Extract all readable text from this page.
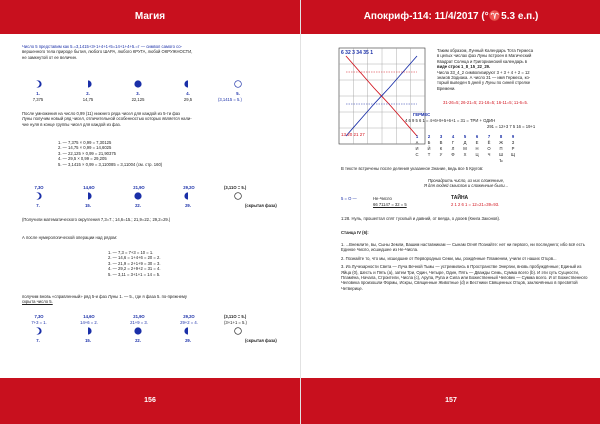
Магия
Число 5 представим как 5.=3,1415+3+1+4+1+5=14+1+4+5.=т — символ самого со-
вершенного тела природе бытия, любого ШАРА, любого КРУГА, любой ОКРУЖНОСТИ,
не замкнутой от ее величин.
1.	2.	3.	4.	5.
7,375	14,75	22,125	29,5	(3,1415 = 5.)
После умножения на число 0,99 (11) нижнего ряда чисел для каждой из 5-ти фаз
Луны получим новый ряд чисел, отличительной особенностью которых является нали-
чие нуля в конце группы чисел для каждой из фаз.
1. — 7,375 × 0,99 = 7,30125
2. — 14,75 × 0,99 = 14,6025
3. — 22,125 × 0,99 = 21,90375
4. — 29,5 × 0,99 = 29,205
5. — 3,1415 × 0,99 = 3,110085 = 3,11004 (см. стр. 160)
7,3О	14,6О	21,9О	29,2О	(3,11О = 5.)
7.	15.	22.	29.	(скрытая фаза)
(Получили математического округления 7,3=7.; 14,6=15.; 21,9=22.; 29,2=29.)
А после нумерологической операции над рядом:
1. — 7,3 = 7+3 = 10 = 1.
2. — 14,6 = 1+4+6 = 20 = 2.
3. — 21,9 = 2+1+9 = 30 = 3.
4. — 29,2 = 2+9+2 = 31 = 4.
5. — 3,11 = 3+1+1 = 14 = 5.
получим вновь «справленный» ряд 5-и фаз Луны 1. — 5., где я фаза 5. по-прежнему
скрыта число 5.
7,3О	14,6О	21,9О	29,2О	(3,11О = 5.)
7+3 = 1.	14+6 = 2.	21+9 = 3.	29+2 = 4.	(3+1+1 = 5.)
7.	15.	22.	29.	(скрытая фаза)
156
Апокриф-114: 11/4/2017 (°♈5.3 е.п.)
6 32 3 34 35 1
13 20 21 27
Таким образом, Лунный Календарь Тота Гермеса
в целых числах фаз Луны встроен в Магический
Квадрат Солнца и Григорианский календарь в
виде строк 1_8_15_22_29.
Числа 33_4_2 символизируют 3 + 3 + 4 + 2 = 12
знаков Зодиака. А число 31 — имя Гермеса, ко-
торый выведен 5 дней у Луны по синей стрелке
Времени.
31-26=5; 26-21=5; 21-16=5; 16-11=5; 11-6=5.
ГЕРМЕС
4 6 9 5 6 1 = 4+6+9+5+6+1 = 31 = ТРИ + ОДИН
291 = 12+3 7 5 16 = 19+1
1 2 3 4 5 6 7 8 9
А Б В Г Д Е Ё Ж З
И Й К Л М Н О П Р
С Т У Ф Х Ц Ч Ш Щ
Ъ
В тексте встречены после деления указанное Знание, ведь все 5 Кругов:
Пронадрить число, из них сложенные,
Я для людей смыслов и сложенные были...
5 = О —	Не-Число
66 71147 = 32 = 5
ТАЙНА
2 1 2 6 1 = 12=21=39=93.
1:28. Нуль, прошептал спят тусклый и давний, от веяда, о дооев (Книга Законов).
Станца IV (6):
1. ...Внемлите, вы, Сыны Земли, Вашим наставникам — Сынам Огня! Познайте: нет ни первого, ни последнего; ибо всё есть Единое Число, исшедшее из Не-Числа.
2. Познайте то, что мы, исшедшие от Первородных Семи, мы, рождённые Пламенем, учили от наших Отцов...
3. Из Лучезарности Света — Луча Вечной Тьмы — устремились в Пространстве Энергии, вновь пробуждённые; Единый из Яйца (0), Шесть и Пять (а), затем Три, Один, Четыре, Один, Пять — Дважды Семь, Сумма всего (b). И эти суть Сущности, Пламёна, Начала, Строители, Числа (c), Арупа, Рупа и Сила или Божественный Человек — Сумма всего. И от Божественного Человека произошли Формы, Искры, Священные Животные (d) и Вестники Священных Отцов, заключённых в пресвятой Четверице.
157
